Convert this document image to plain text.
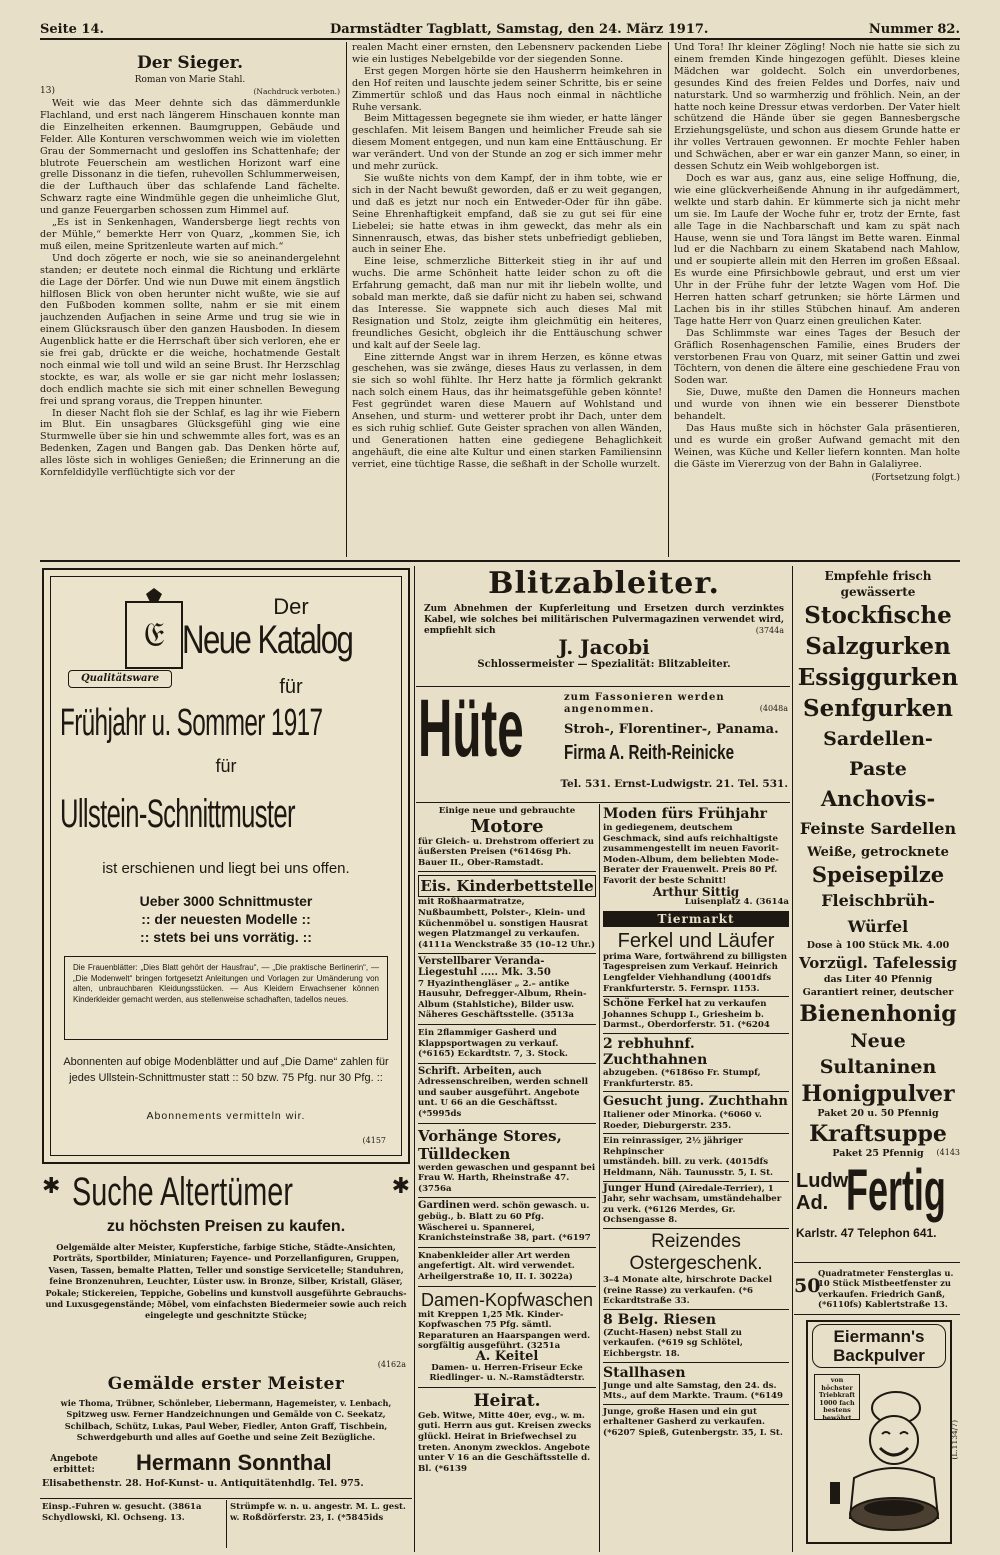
Seite 14.	Darmstädter Tagblatt, Samstag, den 24. März 1917.	Nummer 82.
Der Sieger.
Roman von Marie Stahl.
13)	(Nachdruck verboten.)

Weit wie das Meer dehnte sich das dämmerdunkle Flachland, und erst nach längerem Hinschauen konnte man die Einzelheiten erkennen. Baumgruppen, Gebäude und Felder. Alle Konturen verschwommen weich wie im violetten Grau der Sommernacht und gesloffen ins Schattenhafe; der blutrote Feuerschein am westlichen Horizont warf eine grelle Dissonanz in die tiefen, ruhevollen Schlummerweisen, die der Lufthauch über das schlafende Land fächelte. Schwarz ragte eine Windmühle gegen die unheimliche Glut, und ganze Feuergarben schossen zum Himmel auf.

„Es ist in Senkenhagen, Wandersberge liegt rechts von der Mühle,“ bemerkte Herr von Quarz, „kommen Sie, ich muß eilen, meine Spritzenleute warten auf mich.“

Und doch zögerte er noch, wie sie so aneinandergelehnt standen; er deutete noch einmal die Richtung und erklärte die Lage der Dörfer. Und wie nun Duwe mit einem ängstlich hilflosen Blick von oben herunter nicht wußte, wie sie auf den Fußboden kommen sollte, nahm er sie mit einem jauchzenden Aufjachen in seine Arme und trug sie wie in einem Glücksrausch über den ganzen Hausboden. In diesem Augenblick hatte er die Herrschaft über sich verloren, ehe er sie frei gab, drückte er die weiche, hochatmende Gestalt noch einmal wie toll und wild an seine Brust. Ihr Herzschlag stockte, es war, als wolle er sie gar nicht mehr loslassen; doch endlich machte sie sich mit einer schnellen Bewegung frei und sprang voraus, die Treppen hinunter.

In dieser Nacht floh sie der Schlaf, es lag ihr wie Fiebern im Blut. Ein unsagbares Glücksgefühl ging wie eine Sturmwelle über sie hin und schwemmte alles fort, was es an Bedenken, Zagen und Bangen gab. Das Denken hörte auf, alles löste sich in wohliges Genießen; die Erinnerung an die Kornfeldidylle verflüchtigte sich vor der

realen Macht einer ernsten, den Lebensnerv packenden Liebe wie ein lustiges Nebelgebilde vor der siegenden Sonne.

Erst gegen Morgen hörte sie den Hausherrn heimkehren in den Hof reiten und lauschte jedem seiner Schritte, bis er seine Zimmertür schloß und das Haus noch einmal in nächtliche Ruhe versank.

Beim Mittagessen begegnete sie ihm wieder, er hatte länger geschlafen. Mit leisem Bangen und heimlicher Freude sah sie diesem Moment entgegen, und nun kam eine Enttäuschung. Er war verändert. Und von der Stunde an zog er sich immer mehr und mehr zurück.

Sie wußte nichts von dem Kampf, der in ihm tobte, wie er sich in der Nacht bewußt geworden, daß er zu weit gegangen, und daß es jetzt nur noch ein Entweder-Oder für ihn gäbe. Seine Ehrenhaftigkeit empfand, daß sie zu gut sei für eine Liebelei; sie hatte etwas in ihm geweckt, das mehr als ein Sinnenrausch, etwas, das bisher stets unbefriedigt geblieben, auch in seiner Ehe.

Eine leise, schmerzliche Bitterkeit stieg in ihr auf und wuchs. Die arme Schönheit hatte leider schon zu oft die Erfahrung gemacht, daß man nur mit ihr liebeln wollte, und sobald man merkte, daß sie dafür nicht zu haben sei, schwand das Interesse. Sie wappnete sich auch dieses Mal mit Resignation und Stolz, zeigte ihm gleichmütig ein heiteres, freundliches Gesicht, obgleich ihr die Enttäuschung schwer und kalt auf der Seele lag.

Eine zitternde Angst war in ihrem Herzen, es könne etwas geschehen, was sie zwänge, dieses Haus zu verlassen, in dem sie sich so wohl fühlte. Ihr Herz hatte ja förmlich gekrankt nach solch einem Haus, das ihr heimatsgefühle geben könnte! Fest gegründet waren diese Mauern auf Wohlstand und Ansehen, und sturm- und wetterer probt ihr Dach, unter dem es sich ruhig schlief. Gute Geister sprachen von allen Wänden, und Generationen hatten eine gediegene Behaglichkeit angehäuft, die eine alte Kultur und einen starken Familiensinn verriet, eine tüchtige Rasse, die seßhaft in der Scholle wurzelt.

Und Tora! Ihr kleiner Zögling! Noch nie hatte sie sich zu einem fremden Kinde hingezogen gefühlt. Dieses kleine Mädchen war goldecht. Solch ein unverdorbenes, gesundes Kind des freien Feldes und Dorfes, naiv und naturstark. Und so warmherzig und fröhlich. Nein, an der hatte noch keine Dressur etwas verdorben. Der Vater hielt schützend die Hände über sie gegen Bannesbergsche Erziehungsgelüste, und schon aus diesem Grunde hatte er ihr volles Vertrauen gewonnen. Er mochte Fehler haben und Schwächen, aber er war ein ganzer Mann, so einer, in dessen Schutz ein Weib wohlgeborgen ist.

Doch es war aus, ganz aus, eine selige Hoffnung, die, wie eine glückverheißende Ahnung in ihr aufgedämmert, welkte und starb dahin. Er kümmerte sich ja nicht mehr um sie. Im Laufe der Woche fuhr er, trotz der Ernte, fast alle Tage in die Nachbarschaft und kam zu spät nach Hause, wenn sie und Tora längst im Bette waren. Einmal lud er die Nachbarn zu einem Skatabend nach Mahlow, und er soupierte allein mit den Herren im großen Eßsaal. Es wurde eine Pfirsichbowle gebraut, und erst um vier Uhr in der Frühe fuhr der letzte Wagen vom Hof. Die Herren hatten scharf getrunken; sie hörte Lärmen und Lachen bis in ihr stilles Stübchen hinauf. Am anderen Tage hatte Herr von Quarz einen greulichen Kater.

Das Schlimmste war eines Tages der Besuch der Gräflich Rosenhagenschen Familie, eines Bruders der verstorbenen Frau von Quarz, mit seiner Gattin und zwei Töchtern, von denen die ältere eine geschiedene Frau von Soden war.

Sie, Duwe, mußte den Damen die Honneurs machen und wurde von ihnen wie ein besserer Dienstbote behandelt.

Das Haus mußte sich in höchster Gala präsentieren, und es wurde ein großer Aufwand gemacht mit den Weinen, was Küche und Keller liefern konnten. Man holte die Gäste im Viererzug von der Bahn in Galaliyree.

(Fortsetzung folgt.)
𝔈
Qualitätsware
Der
Neue Katalog
für
Frühjahr u. Sommer 1917
für
Ullstein-Schnittmuster
ist erschienen und liegt bei uns offen.
Ueber 3000 Schnittmuster
:: der neuesten Modelle ::
:: stets bei uns vorrätig. ::
Die Frauenblätter: „Dies Blatt gehört der Hausfrau“, — „Die praktische Berlinerin“, — „Die Modenwelt“ bringen fortgesetzt Anleitungen und Vorlagen zur Umänderung von alten, unbrauchbaren Kleidungsstücken. — Aus Kleidern Erwachsener können Kinderkleider gemacht werden, aus stellenweise schadhaften, tadellos neues.
Abonnenten auf obige Modenblätter und auf „Die Dame“ zahlen für jedes Ullstein-Schnittmuster statt :: 50 bzw. 75 Pfg. nur 30 Pfg. ::
Abonnements vermitteln wir.
(4157
✱ Suche Altertümer	✱
zu höchsten Preisen zu kaufen.
Oelgemälde alter Meister, Kupferstiche, farbige Stiche, Städte-Ansichten, Porträts, Sportbilder, Miniaturen; Fayence- und Porzellanfiguren, Gruppen, Vasen, Tassen, bemalte Platten, Teller und sonstige Servicetelle; Standuhren, feine Bronzenuhren, Leuchter, Lüster usw. in Bronze, Silber, Kristall, Gläser, Pokale; Stickereien, Teppiche, Gobelins und kunstvoll ausgeführte Gebrauchs- und Luxusgegenstände; Möbel, vom einfachsten Biedermeier sowie auch reich eingelegte und geschnitzte Stücke;
(4162a
Gemälde erster Meister
wie Thoma, Trübner, Schönleber, Liebermann, Hagemeister, v. Lenbach, Spitzweg usw. Ferner Handzeichnungen und Gemälde von C. Seekatz, Schilbach, Schütz, Lukas, Paul Weber, Fiedler, Anton Graff, Tischbein, Schwerdgeburth und alles auf Goethe und seine Zeit Bezügliche.
Angebote erbittet:	Hermann Sonnthal
Elisabethenstr. 28. Hof-Kunst- u. Antiquitätenhdlg. Tel. 975.
Einsp.-Fuhren w. gesucht. (3861a Schydlowski, Kl. Ochseng. 13.
Strümpfe w. n. u. angestr. M. L. gest. w. Roßdörferstr. 23, I. (*5845ids
Blitzableiter.
Zum Abnehmen der Kupferleitung und Ersetzen durch verzinktes Kabel, wie solches bei militärischen Pulvermagazinen verwendet wird, empfiehlt sich	(3744a
J. Jacobi
Schlossermeister — Spezialität: Blitzableiter.
Hüte	zum Fassonieren werden angenommen.	(4048a
Stroh-, Florentiner-, Panama.
Firma A. Reith-Reinicke
Tel. 531. Ernst-Ludwigstr. 21. Tel. 531.
Einige neue und gebrauchte
Motore
für Gleich- u. Drehstrom offeriert zu äußersten Preisen (*6146sg Ph. Bauer II., Ober-Ramstadt.
Eis. Kinderbettstelle
mit Roßhaarmatratze, Nußbaumbett, Polster-, Klein- und Küchenmöbel u. sonstigen Hausrat wegen Platzmangel zu verkaufen. (4111a Wenckstraße 35 (10–12 Uhr.)
Verstellbarer Veranda-Liegestuhl ..... Mk. 3.50
7 Hyazinthengläser „ 2.– antike Hausuhr, Defregger-Album, Rhein-Album (Stahlstiche), Bilder usw. Näheres Geschäftsstelle. (3513a
Ein 2flammiger Gasherd und Klappsportwagen zu verkauf.
(*6165) Eckardtstr. 7, 3. Stock.
Schrift. Arbeiten, auch Adressenschreiben, werden schnell und sauber ausgeführt. Angebote unt. U 66 an die Geschäftsst. (*5995ds
Vorhänge Stores, Tülldecken
werden gewaschen und gespannt bei Frau W. Harth, Rheinstraße 47. (3756a
Gardinen werd. schön gewasch. u. gebüg., b. Blatt zu 60 Pfg. Wäscherei u. Spannerei, Kranichsteinstraße 38, part. (*6197
Knabenkleider aller Art werden angefertigt. Alt. wird verwendet. Arheilgerstraße 10, II. I. 3022a)
Damen-Kopfwaschen
mit Kreppen 1,25 Mk. Kinder-Kopfwaschen 75 Pfg. sämtl. Reparaturen an Haarspangen werd. sorgfältig ausgeführt. (3251a
A. Keitel
Damen- u. Herren-Friseur Ecke Riedlinger- u. N.-Ramstädterstr.
Heirat.
Geb. Witwe, Mitte 40er, evg., w. m. guti. Herrn aus gut. Kreisen zwecks glückl. Heirat in Briefwechsel zu treten. Anonym zwecklos. Angebote unter V 16 an die Geschäftsstelle d. Bl. (*6139
Moden fürs Frühjahr
in gediegenem, deutschem Geschmack, sind aufs reichhaltigste zusammengestellt im neuen Favorit-Moden-Album, dem beliebten Mode-Berater der Frauenwelt. Preis 80 Pf. Favorit der beste Schnitt!
Arthur Sittig
Luisenplatz 4. (3614a
Tiermarkt
Ferkel und Läufer
prima Ware, fortwährend zu billigsten Tagespreisen zum Verkauf. Heinrich Lengfelder Viehhandlung (4001dfs Frankfurterstr. 5. Fernspr. 1153.
Schöne Ferkel hat zu verkaufen Johannes Schupp I., Griesheim b. Darmst., Oberdorferstr. 51. (*6204
2 rebhuhnf. Zuchthahnen
abzugeben. (*6186so Fr. Stumpf, Frankfurterstr. 85.
Gesucht jung. Zuchthahn
Italiener oder Minorka. (*6060 v. Roeder, Dieburgerstr. 235.
Ein reinrassiger, 2½ jähriger Rehpinscher
umständeh. bill. zu verk. (4015dfs Heldmann, Näh. Taunusstr. 5, I. St.
Junger Hund (Airedale-Terrier), 1 Jahr, sehr wachsam, umständehalber zu verk. (*6126 Merdes, Gr. Ochsengasse 8.
Reizendes Ostergeschenk.
3–4 Monate alte, hirschrote Dackel (reine Rasse) zu verkaufen. (*6 Eckardtstraße 33.
8 Belg. Riesen
(Zucht-Hasen) nebst Stall zu verkaufen. (*619 sg Schlötel, Eichbergstr. 18.
Stallhasen
Junge und alte Samstag, den 24. ds. Mts., auf dem Markte. Traum. (*6149
Junge, große Hasen und ein gut erhaltener Gasherd zu verkaufen. (*6207 Spieß, Gutenbergstr. 35, I. St.
Empfehle frisch gewässerte
Stockfische
Salzgurken
Essiggurken
Senfgurken
Sardellen-Paste
Anchovis-
Feinste Sardellen
Weiße, getrocknete
Speisepilze
Fleischbrüh-Würfel
Dose à 100 Stück Mk. 4.00
Vorzügl. Tafelessig
das Liter 40 Pfennig
Garantiert reiner, deutscher
Bienenhonig
Neue Sultaninen
Honigpulver
Paket 20 u. 50 Pfennig
Kraftsuppe
Paket 25 Pfennig	(4143
Ludw.
Ad. Fertig
Karlstr. 47 Telephon 641.
50
Quadratmeter Fensterglas u. 10 Stück Mistbeetfenster zu verkaufen. Friedrich Ganß, (*6110fs) Kablertstraße 13.
Eiermann's
Backpulver
von höchster Triebkraft 1000 fach bestens bewährt
(L.1134/7)
